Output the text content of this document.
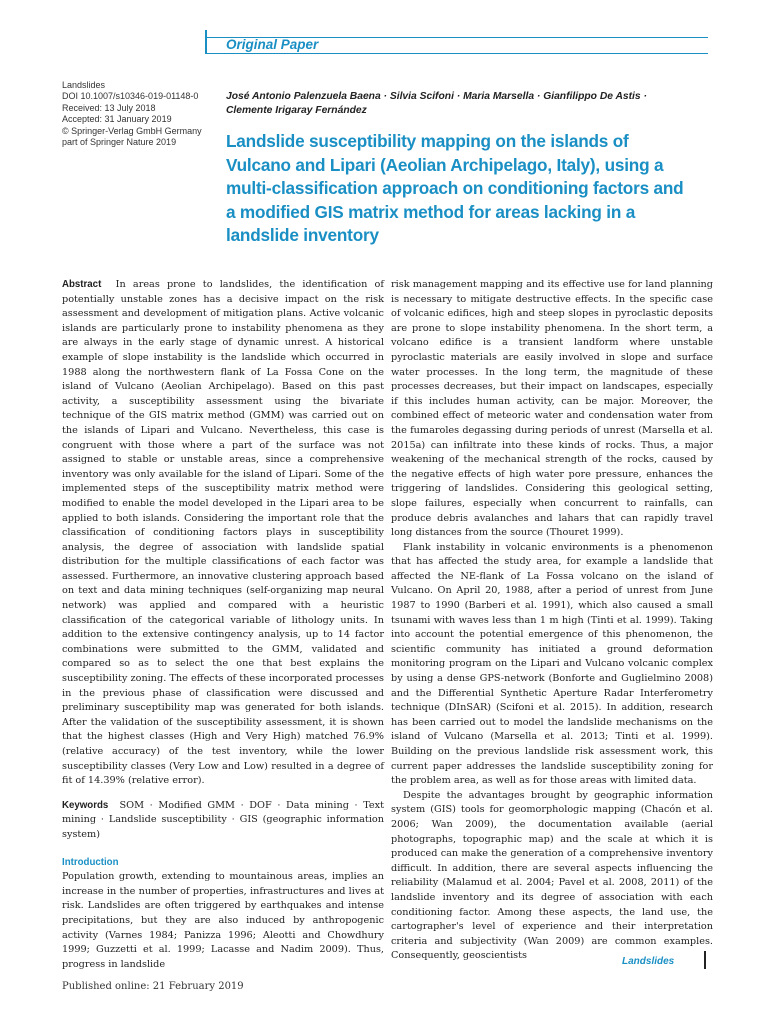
Original Paper
Landslides
DOI 10.1007/s10346-019-01148-0
Received: 13 July 2018
Accepted: 31 January 2019
© Springer-Verlag GmbH Germany
part of Springer Nature 2019
José Antonio Palenzuela Baena · Silvia Scifoni · Maria Marsella · Gianfilippo De Astis ·
Clemente Irigaray Fernández
Landslide susceptibility mapping on the islands of Vulcano and Lipari (Aeolian Archipelago, Italy), using a multi-classification approach on conditioning factors and a modified GIS matrix method for areas lacking in a landslide inventory

Abstract In areas prone to landslides, the identification of potentially unstable zones has a decisive impact on the risk assessment and development of mitigation plans. Active volcanic islands are particularly prone to instability phenomena as they are always in the early stage of dynamic unrest. A historical example of slope instability is the landslide which occurred in 1988 along the northwestern flank of La Fossa Cone on the island of Vulcano (Aeolian Archipelago). Based on this past activity, a susceptibility assessment using the bivariate technique of the GIS matrix method (GMM) was carried out on the islands of Lipari and Vulcano. Nevertheless, this case is congruent with those where a part of the surface was not assigned to stable or unstable areas, since a comprehensive inventory was only available for the island of Lipari. Some of the implemented steps of the susceptibility matrix method were modified to enable the model developed in the Lipari area to be applied to both islands. Considering the important role that the classification of conditioning factors plays in susceptibility analysis, the degree of association with landslide spatial distribution for the multiple classifications of each factor was assessed. Furthermore, an innovative clustering approach based on text and data mining techniques (self-organizing map neural network) was applied and compared with a heuristic classification of the categorical variable of lithology units. In addition to the extensive contingency analysis, up to 14 factor combinations were submitted to the GMM, validated and compared so as to select the one that best explains the susceptibility zoning. The effects of these incorporated processes in the previous phase of classification were discussed and preliminary susceptibility map was generated for both islands. After the validation of the susceptibility assessment, it is shown that the highest classes (High and Very High) matched 76.9% (relative accuracy) of the test inventory, while the lower susceptibility classes (Very Low and Low) resulted in a degree of fit of 14.39% (relative error).

Keywords SOM · Modified GMM · DOF · Data mining · Text mining · Landslide susceptibility · GIS (geographic information system)

Introduction

Population growth, extending to mountainous areas, implies an increase in the number of properties, infrastructures and lives at risk. Landslides are often triggered by earthquakes and intense precipitations, but they are also induced by anthropogenic activity (Varnes 1984; Panizza 1996; Aleotti and Chowdhury 1999; Guzzetti et al. 1999; Lacasse and Nadim 2009). Thus, progress in landslide

risk management mapping and its effective use for land planning is necessary to mitigate destructive effects. In the specific case of volcanic edifices, high and steep slopes in pyroclastic deposits are prone to slope instability phenomena. In the short term, a volcano edifice is a transient landform where unstable pyroclastic materials are easily involved in slope and surface water processes. In the long term, the magnitude of these processes decreases, but their impact on landscapes, especially if this includes human activity, can be major. Moreover, the combined effect of meteoric water and condensation water from the fumaroles degassing during periods of unrest (Marsella et al. 2015a) can infiltrate into these kinds of rocks. Thus, a major weakening of the mechanical strength of the rocks, caused by the negative effects of high water pore pressure, enhances the triggering of landslides. Considering this geological setting, slope failures, especially when concurrent to rainfalls, can produce debris avalanches and lahars that can rapidly travel long distances from the source (Thouret 1999).

Flank instability in volcanic environments is a phenomenon that has affected the study area, for example a landslide that affected the NE-flank of La Fossa volcano on the island of Vulcano. On April 20, 1988, after a period of unrest from June 1987 to 1990 (Barberi et al. 1991), which also caused a small tsunami with waves less than 1 m high (Tinti et al. 1999). Taking into account the potential emergence of this phenomenon, the scientific community has initiated a ground deformation monitoring program on the Lipari and Vulcano volcanic complex by using a dense GPS-network (Bonforte and Guglielmino 2008) and the Differential Synthetic Aperture Radar Interferometry technique (DInSAR) (Scifoni et al. 2015). In addition, research has been carried out to model the landslide mechanisms on the island of Vulcano (Marsella et al. 2013; Tinti et al. 1999). Building on the previous landslide risk assessment work, this current paper addresses the landslide susceptibility zoning for the problem area, as well as for those areas with limited data.

Despite the advantages brought by geographic information system (GIS) tools for geomorphologic mapping (Chacón et al. 2006; Wan 2009), the documentation available (aerial photographs, topographic map) and the scale at which it is produced can make the generation of a comprehensive inventory difficult. In addition, there are several aspects influencing the reliability (Malamud et al. 2004; Pavel et al. 2008, 2011) of the landslide inventory and its degree of association with each conditioning factor. Among these aspects, the land use, the cartographer's level of experience and their interpretation criteria and subjectivity (Wan 2009) are common examples. Consequently, geoscientists

Landslides
Published online: 21 February 2019
